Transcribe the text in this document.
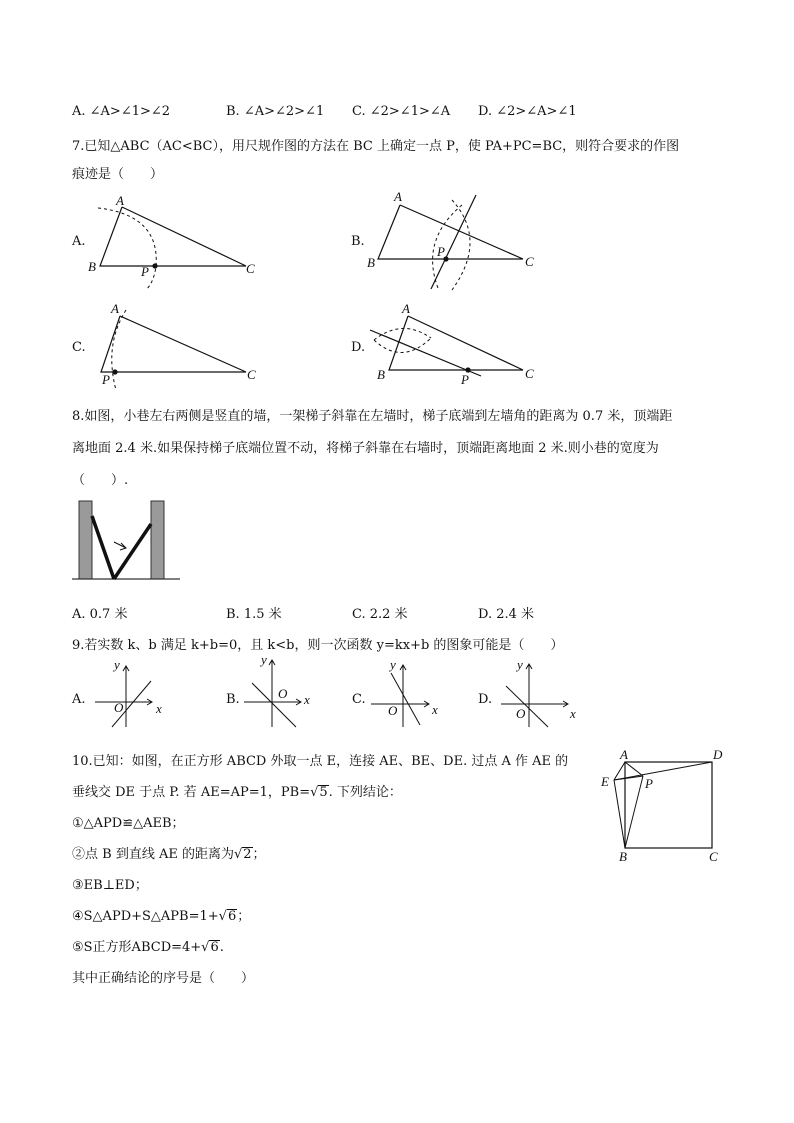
A. ∠A>∠1>∠2	B. ∠A>∠2>∠1 C. ∠2>∠1>∠A D. ∠2>∠A>∠1
7.已知△ABC（AC<BC），用尺规作图的方法在 BC 上确定一点 P，使 PA+PC=BC，则符合要求的作图
痕迹是（　　）
A.
A
B	P	C
B.
A
B
P
C
C.
A
P	C
D.
A
B	P	C
8.如图，小巷左右两侧是竖直的墙，一架梯子斜靠在左墙时，梯子底端到左墙角的距离为 0.7 米，顶端距
离地面 2.4 米.如果保持梯子底端位置不动，将梯子斜靠在右墙时，顶端距离地面 2 米.则小巷的宽度为
（　　）.
A. 0.7 米	B. 1.5 米	C. 2.2 米	D. 2.4 米
9.若实数 k、b 满足 k+b=0，且 k<b，则一次函数 y=kx+b 的图象可能是（　　）
A.
y
x
O
B.
y
x
O	C.
y
x
O
D.
y
x
O
10.已知：如图，在正方形 ABCD 外取一点 E，连接 AE、BE、DE. 过点 A 作 AE 的
垂线交 DE 于点 P. 若 AE=AP=1，PB=√5. 下列结论：
①△APD≌△AEB；
②点 B 到直线 AE 的距离为√2；
③EB⊥ED；
④S△APD+S△APB=1+√6；
⑤S正方形ABCD=4+√6.
其中正确结论的序号是（　　）
A	D
E	P
B	C
